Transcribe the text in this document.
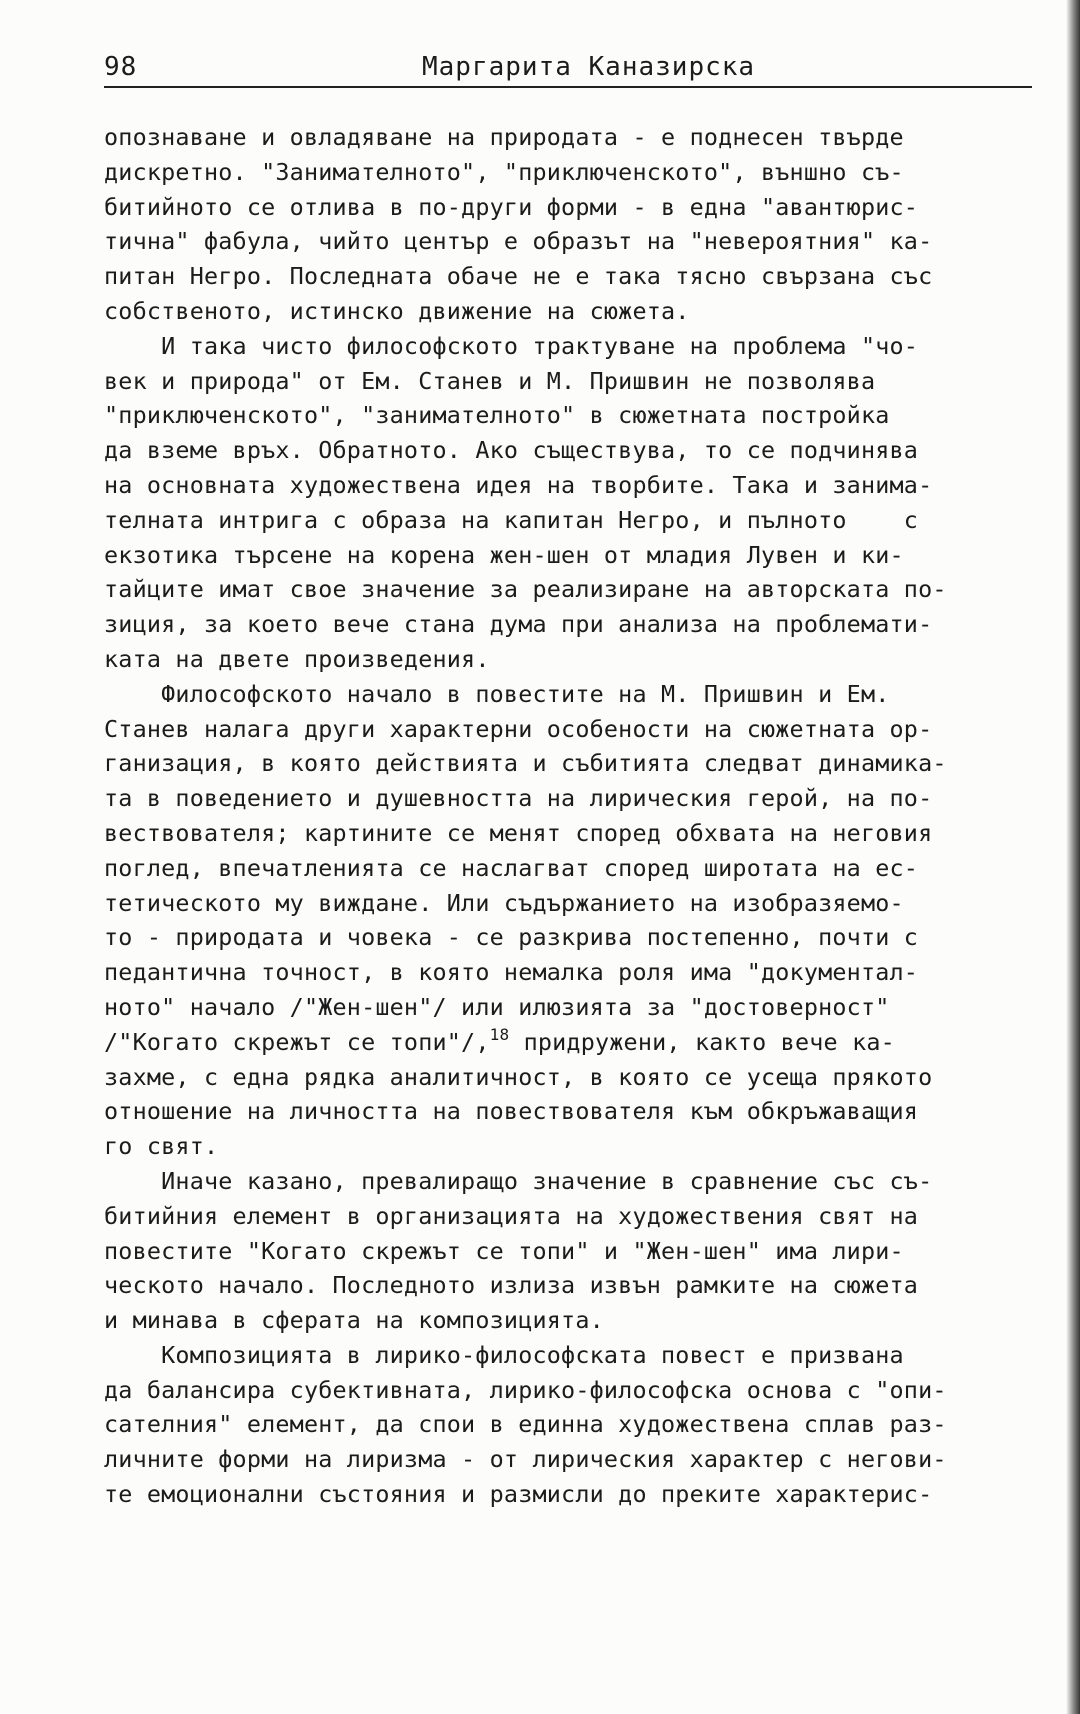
98	Маргарита Каназирска
опознаване и овладяване на природата - е поднесен твърде
дискретно. "Занимателното", "приключенското", външно съ-
битийното се отлива в по-други форми - в една "авантюрис-
тична" фабула, чийто център е образът на "невероятния" ка-
питан Негро. Последната обаче не е така тясно свързана със
собственото, истинско движение на сюжета.
И така чисто философското трактуване на проблема "чо-
век и природа" от Ем. Станев и М. Пришвин не позволява
"приключенското", "занимателното" в сюжетната постройка
да вземе връх. Обратното. Ако съществува, то се подчинява
на основната художествена идея на творбите. Така и занима-
телната интрига с образа на капитан Негро, и пълното    с
екзотика търсене на корена жен-шен от младия Лувен и ки-
тайците имат свое значение за реализиране на авторската по-
зиция, за което вече стана дума при анализа на проблемати-
ката на двете произведения.
Философското начало в повестите на М. Пришвин и Ем.
Станев налага други характерни особености на сюжетната ор-
ганизация, в която действията и събитията следват динамика-
та в поведението и душевността на лирическия герой, на по-
вествователя; картините се менят според обхвата на неговия
поглед, впечатленията се наслагват според широтата на ес-
тетическото му виждане. Или съдържанието на изобразяемо-
то - природата и човека - се разкрива постепенно, почти с
педантична точност, в която немалка роля има "документал-
ното" начало /"Жен-шен"/ или илюзията за "достоверност"
/"Когато скрежът се топи"/,$^{18}$ придружени, както вече ка-
захме, с една рядка аналитичност, в която се усеща прякото
отношение на личността на повествователя към обкръжаващия
го свят.
Иначе казано, превалиращо значение в сравнение със съ-
битийния елемент в организацията на художествения свят на
повестите "Когато скрежът се топи" и "Жен-шен" има лири-
ческото начало. Последното излиза извън рамките на сюжета
и минава в сферата на композицията.
Композицията в лирико-философската повест е призвана
да балансира субективната, лирико-философска основа с "опи-
сателния" елемент, да спои в единна художествена сплав раз-
личните форми на лиризма - от лирическия характер с негови-
те емоционални състояния и размисли до преките характерис-
